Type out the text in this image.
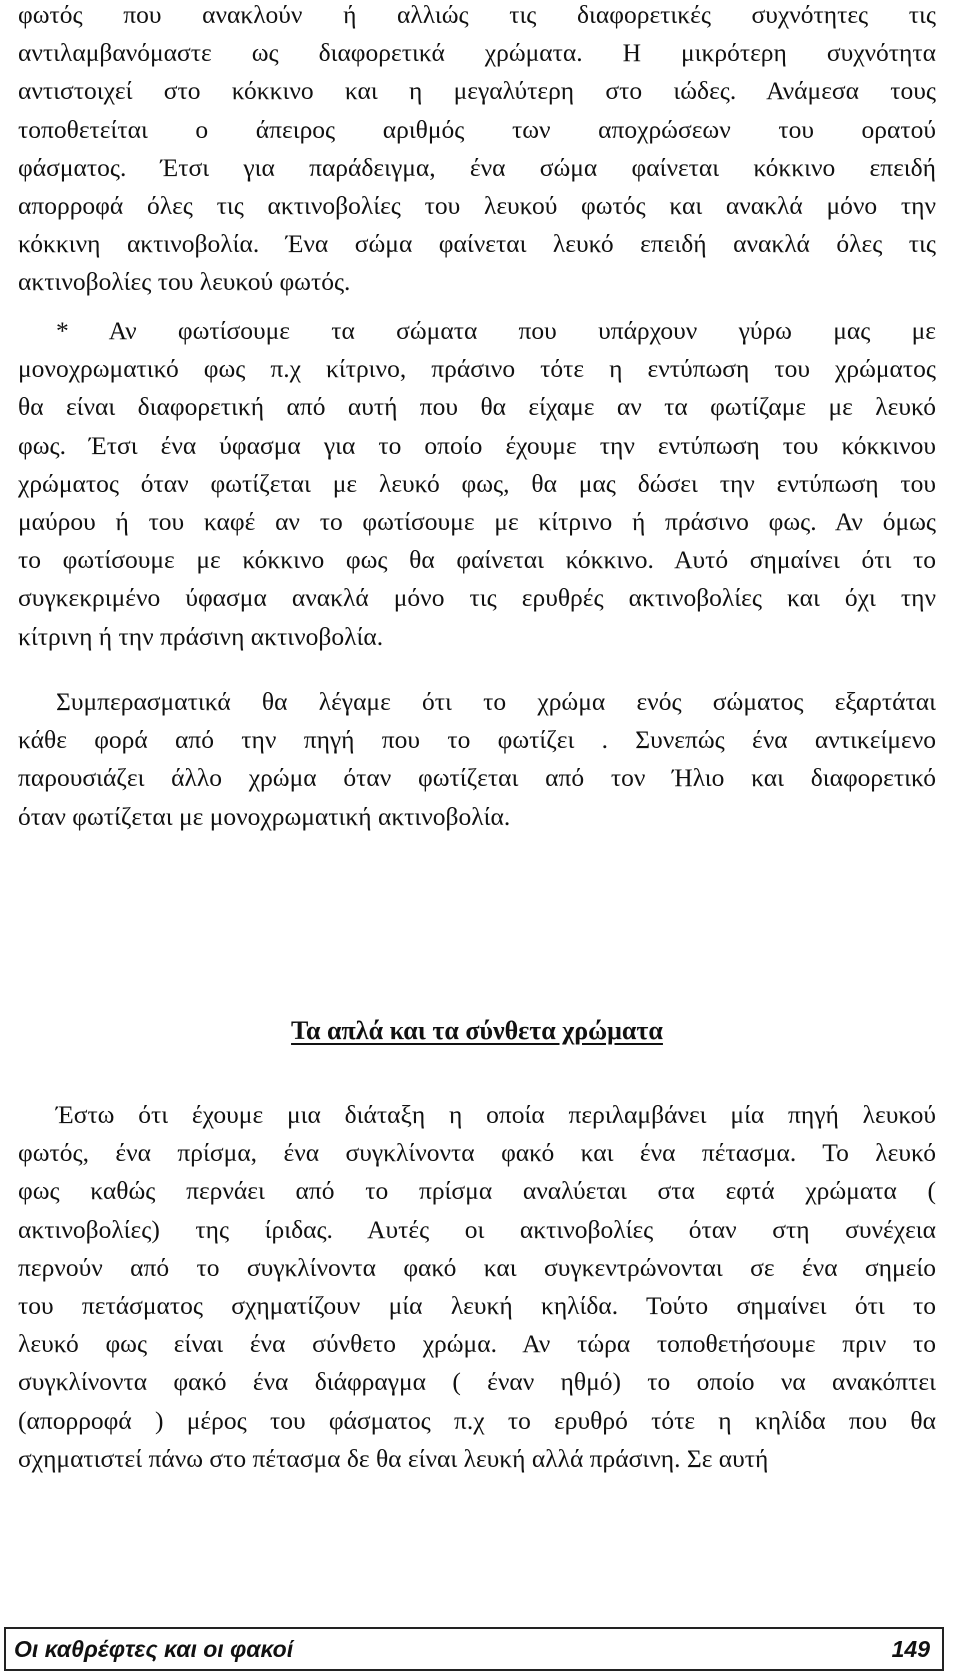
φωτός που ανακλούν ή αλλιώς τις διαφορετικές συχνότητες τις
αντιλαμβανόμαστε ως διαφορετικά χρώματα. Η μικρότερη συχνότητα
αντιστοιχεί στο κόκκινο και η μεγαλύτερη στο ιώδες. Ανάμεσα τους
τοποθετείται ο άπειρος αριθμός των αποχρώσεων του ορατού
φάσματος. Έτσι για παράδειγμα, ένα σώμα φαίνεται κόκκινο επειδή
απορροφά όλες τις ακτινοβολίες του λευκού φωτός και ανακλά μόνο την
κόκκινη ακτινοβολία. Ένα σώμα φαίνεται λευκό επειδή ανακλά όλες τις
ακτινοβολίες του λευκού φωτός.
* Αν φωτίσουμε τα σώματα που υπάρχουν γύρω μας με
μονοχρωματικό φως π.χ κίτρινο, πράσινο τότε η εντύπωση του χρώματος
θα είναι διαφορετική από αυτή που θα είχαμε αν τα φωτίζαμε με λευκό
φως. Έτσι ένα ύφασμα για το οποίο έχουμε την εντύπωση του κόκκινου
χρώματος όταν φωτίζεται με λευκό φως, θα μας δώσει την εντύπωση του
μαύρου ή του καφέ αν το φωτίσουμε με κίτρινο ή πράσινο φως. Αν όμως
το φωτίσουμε με κόκκινο φως θα φαίνεται κόκκινο. Αυτό σημαίνει ότι το
συγκεκριμένο ύφασμα ανακλά μόνο τις ερυθρές ακτινοβολίες και όχι την
κίτρινη ή την πράσινη ακτινοβολία.
Συμπερασματικά θα λέγαμε ότι το χρώμα ενός σώματος εξαρτάται
κάθε φορά από την πηγή που το φωτίζει . Συνεπώς ένα αντικείμενο
παρουσιάζει άλλο χρώμα όταν φωτίζεται από τον Ήλιο και διαφορετικό
όταν φωτίζεται με μονοχρωματική ακτινοβολία.
Τα απλά και τα σύνθετα χρώματα
Έστω ότι έχουμε μια διάταξη η οποία περιλαμβάνει μία πηγή λευκού
φωτός, ένα πρίσμα, ένα συγκλίνοντα φακό και ένα πέτασμα. Το λευκό
φως καθώς περνάει από το πρίσμα αναλύεται στα εφτά χρώματα (
ακτινοβολίες) της ίριδας. Αυτές οι ακτινοβολίες όταν στη συνέχεια
περνούν από το συγκλίνοντα φακό και συγκεντρώνονται σε ένα σημείο
του πετάσματος σχηματίζουν μία λευκή κηλίδα. Τούτο σημαίνει ότι το
λευκό φως είναι ένα σύνθετο χρώμα. Αν τώρα τοποθετήσουμε πριν το
συγκλίνοντα φακό ένα διάφραγμα ( έναν ηθμό) το οποίο να ανακόπτει
(απορροφά ) μέρος του φάσματος π.χ το ερυθρό τότε η κηλίδα που θα
σχηματιστεί πάνω στο πέτασμα δε θα είναι λευκή αλλά πράσινη. Σε αυτή
Οι καθρέφτες και οι φακοί	149
